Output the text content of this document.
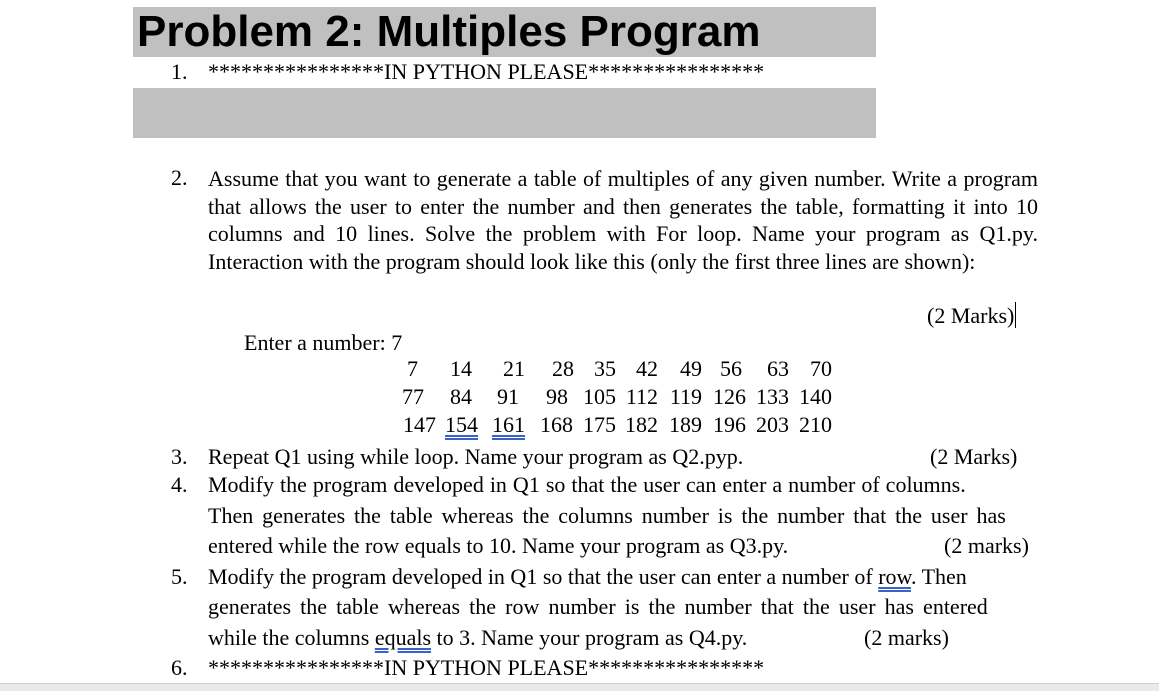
Problem 2: Multiples Program
1. ****************IN PYTHON PLEASE****************
2. Assume that you want to generate a table of multiples of any given number. Write a program that allows the user to enter the number and then generates the table, formatting it into 10 columns and 10 lines. Solve the problem with For loop. Name your program as Q1.py. Interaction with the program should look like this (only the first three lines are shown):
(2 Marks)
Enter a number: 7
7	14	21	28 35 42	49 56	63 70
77	84	91	98 105 112 119 126 133 140
147 154 161 168 175 182 189 196 203 210
3. Repeat Q1 using while loop. Name your program as Q2.pyp.	(2 Marks)
4. Modify the program developed in Q1 so that the user can enter a number of columns.
Then generates the table whereas the columns number is the number that the user has
entered while the row equals to 10. Name your program as Q3.py.	(2 marks)
5. Modify the program developed in Q1 so that the user can enter a number of row. Then
generates the table whereas the row number is the number that the user has entered
while the columns equals to 3. Name your program as Q4.py.	(2 marks)
6. ****************IN PYTHON PLEASE****************
